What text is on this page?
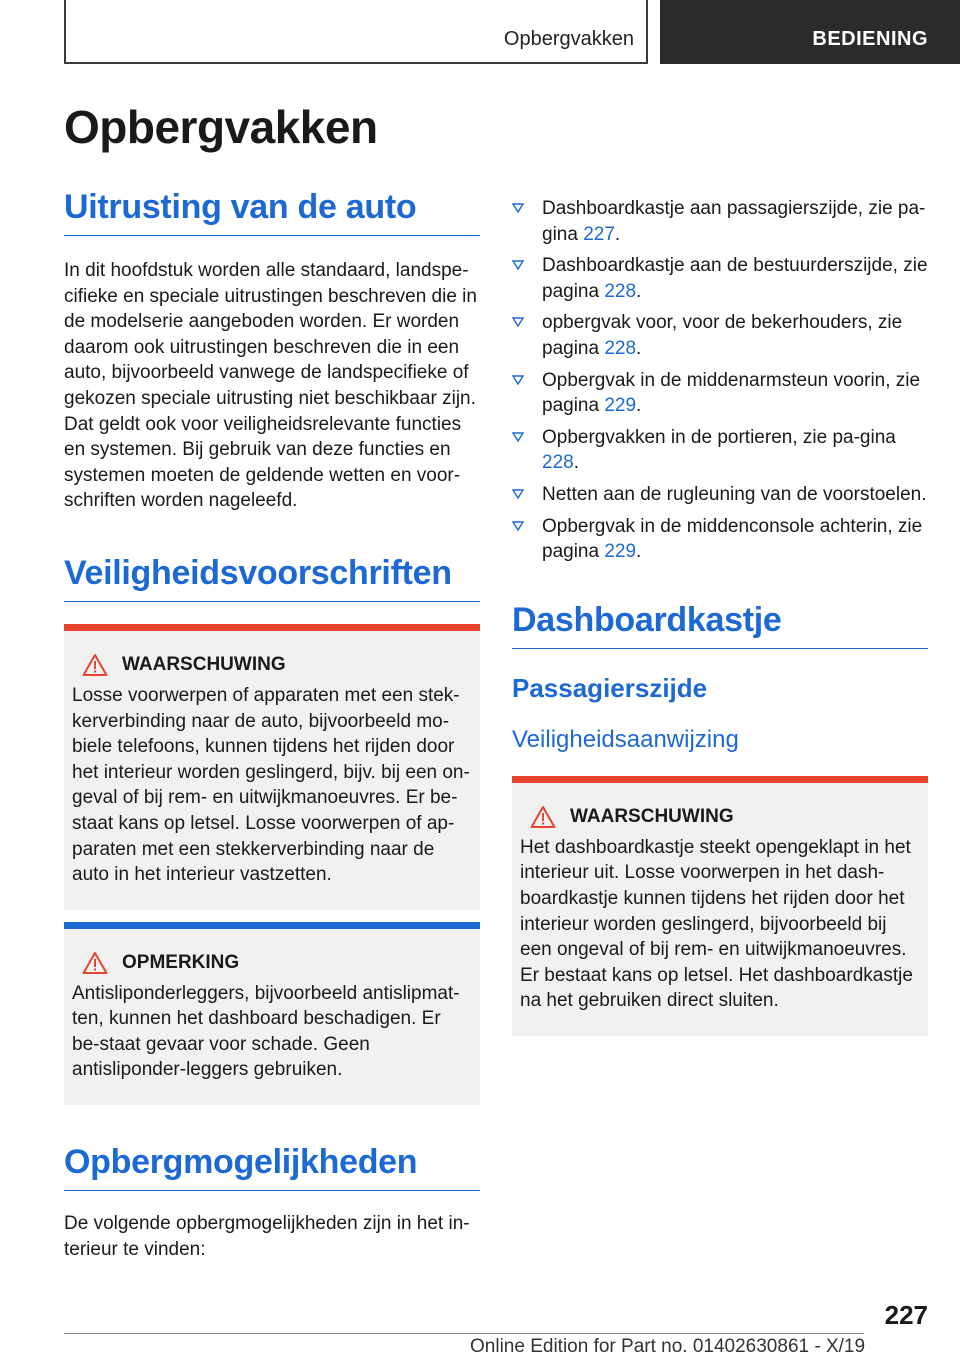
Opbergvakken	BEDIENING
Opbergvakken
Uitrusting van de auto

In dit hoofdstuk worden alle standaard, landspe-cifieke en speciale uitrustingen beschreven die in de modelserie aangeboden worden. Er worden daarom ook uitrustingen beschreven die in een auto, bijvoorbeeld vanwege de landspecifieke of gekozen speciale uitrusting niet beschikbaar zijn. Dat geldt ook voor veiligheidsrelevante functies en systemen. Bij gebruik van deze functies en systemen moeten de geldende wetten en voor-schriften worden nageleefd.

Veiligheidsvoorschriften
WAARSCHUWING

Losse voorwerpen of apparaten met een stek-kerverbinding naar de auto, bijvoorbeeld mo-biele telefoons, kunnen tijdens het rijden door het interieur worden geslingerd, bijv. bij een on-geval of bij rem- en uitwijkmanoeuvres. Er be-staat kans op letsel. Losse voorwerpen of ap-paraten met een stekkerverbinding naar de auto in het interieur vastzetten.

OPMERKING

Antisliponderleggers, bijvoorbeeld antislipmat-ten, kunnen het dashboard beschadigen. Er be-staat gevaar voor schade. Geen antisliponder-leggers gebruiken.

Opbergmogelijkheden

De volgende opbergmogelijkheden zijn in het in-terieur te vinden:

Dashboardkastje aan passagierszijde, zie pa-gina 227.
Dashboardkastje aan de bestuurderszijde, zie pagina 228.
opbergvak voor, voor de bekerhouders, zie pagina 228.
Opbergvak in de middenarmsteun voorin, zie pagina 229.
Opbergvakken in de portieren, zie pa-gina 228.
Netten aan de rugleuning van de voorstoelen.
Opbergvak in de middenconsole achterin, zie pagina 229.
Dashboardkastje
Passagierszijde
Veiligheidsaanwijzing
WAARSCHUWING

Het dashboardkastje steekt opengeklapt in het interieur uit. Losse voorwerpen in het dash-boardkastje kunnen tijdens het rijden door het interieur worden geslingerd, bijvoorbeeld bij een ongeval of bij rem- en uitwijkmanoeuvres. Er bestaat kans op letsel. Het dashboardkastje na het gebruiken direct sluiten.

227
Online Edition for Part no. 01402630861 - X/19
